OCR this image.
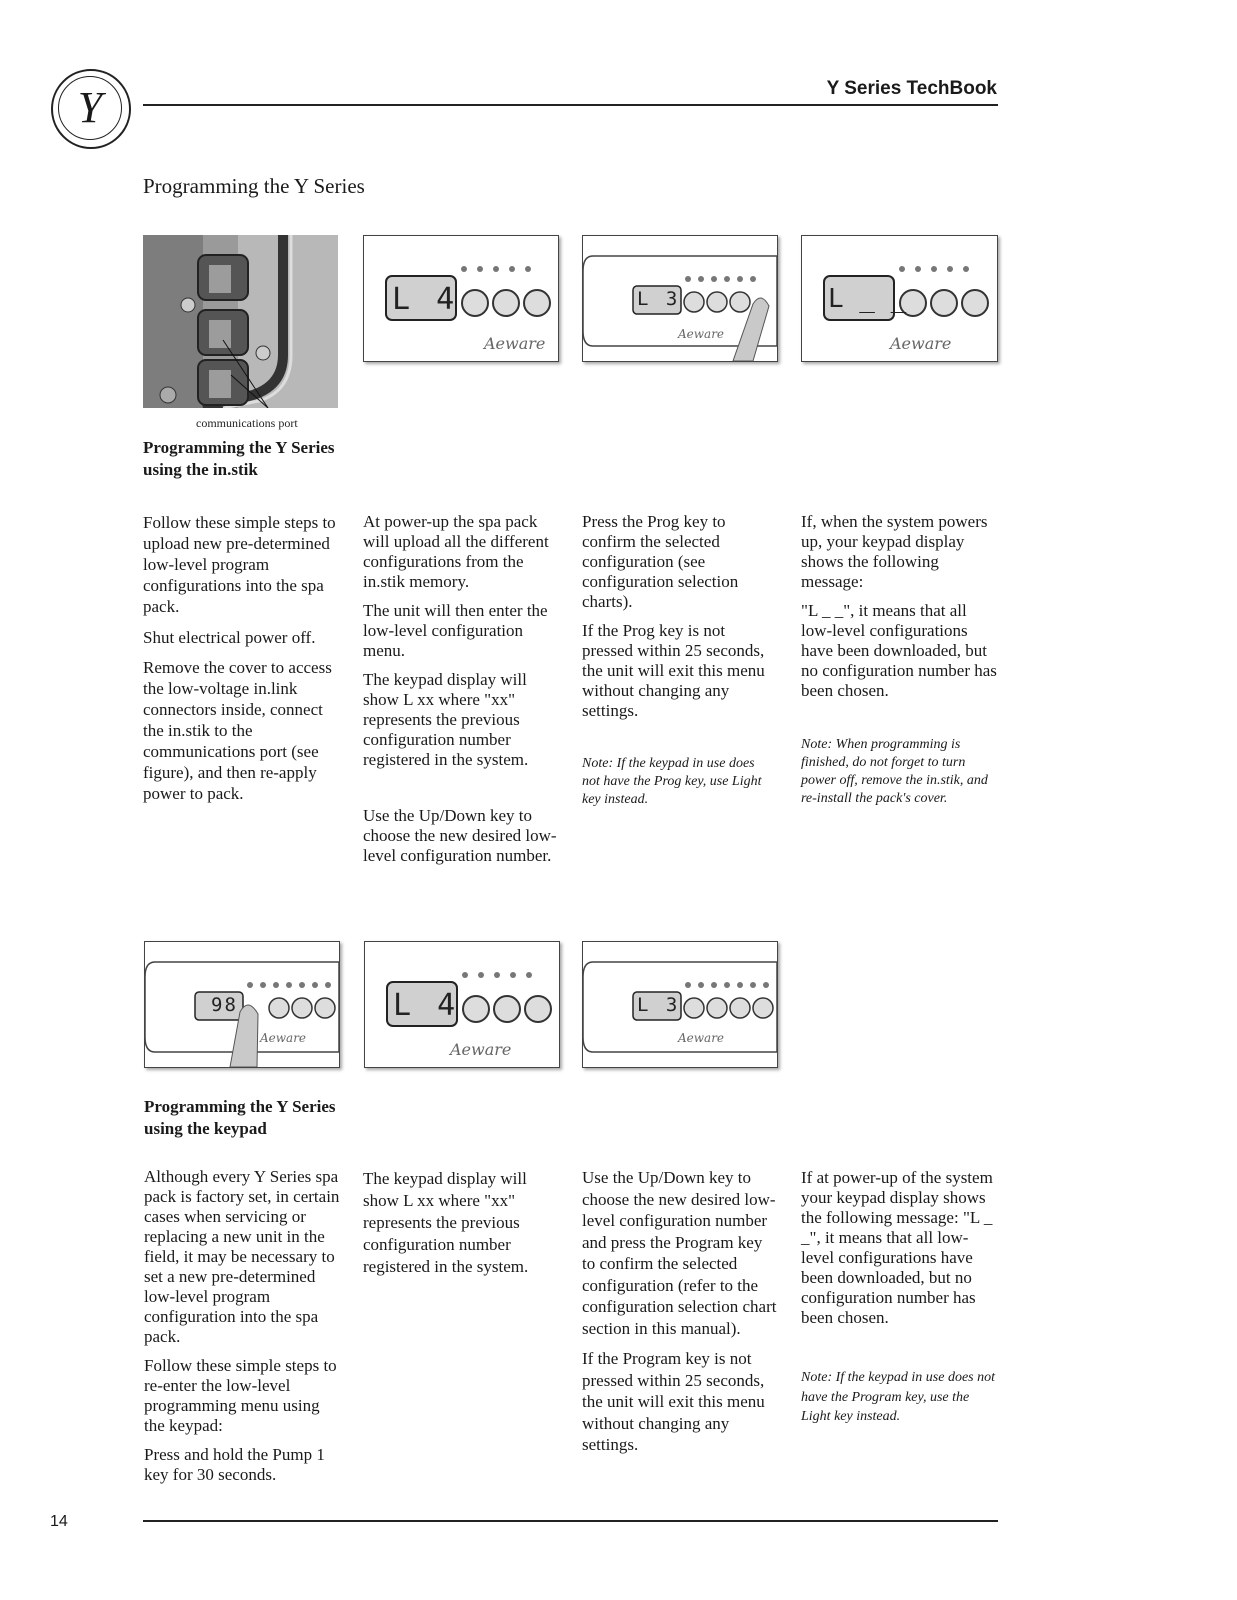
Y	Y Series TechBook
Programming the Y Series
communications port
Aeware
L 4
Aeware
L 3
Aeware
L _ _
Programming the Y Series
using the in.stik

Follow these simple steps to upload new pre-determined low-level program configurations into the spa pack.

Shut electrical power off.

Remove the cover to access the low-voltage in.link connectors inside, connect the in.stik to the communications port (see figure), and then re-apply power to pack.

At power-up the spa pack will upload all the different configurations from the in.stik memory.

The unit will then enter the low-level configuration menu.

The keypad display will show L xx where "xx" represents the previous configuration number registered in the system.

Use the Up/Down key to choose the new desired low-level configuration number.

Press the Prog key to confirm the selected configuration (see configuration selection charts).

If the Prog key is not pressed within 25 seconds, the unit will exit this menu without changing any settings.

Note: If the keypad in use does not have the Prog key, use Light key instead.

If, when the system powers up, your keypad display shows the following message:

"L _ _", it means that all low-level configurations have been downloaded, but no configuration number has been chosen.

Note: When programming is finished, do not forget to turn power off, remove the in.stik, and re-install the pack's cover.
Aeware
98
Aeware
L 4
Aeware
L 3
Programming the Y Series
using the keypad

Although every Y Series spa pack is factory set, in certain cases when servicing or replacing a new unit in the field, it may be necessary to set a new pre-determined low-level program configuration into the spa pack.

Follow these simple steps to re-enter the low-level programming menu using the keypad:

Press and hold the Pump 1 key for 30 seconds.

The keypad display will show L xx where "xx" represents the previous configuration number registered in the system.

Use the Up/Down key to choose the new desired low-level configuration number and press the Program key to confirm the selected configuration (refer to the configuration selection chart section in this manual).

If the Program key is not pressed within 25 seconds, the unit will exit this menu without changing any settings.

If at power-up of the system your keypad display shows the following message: "L _ _", it means that all low-level configurations have been downloaded, but no configuration number has been chosen.

Note: If the keypad in use does not have the Program key, use the Light key instead.
14
